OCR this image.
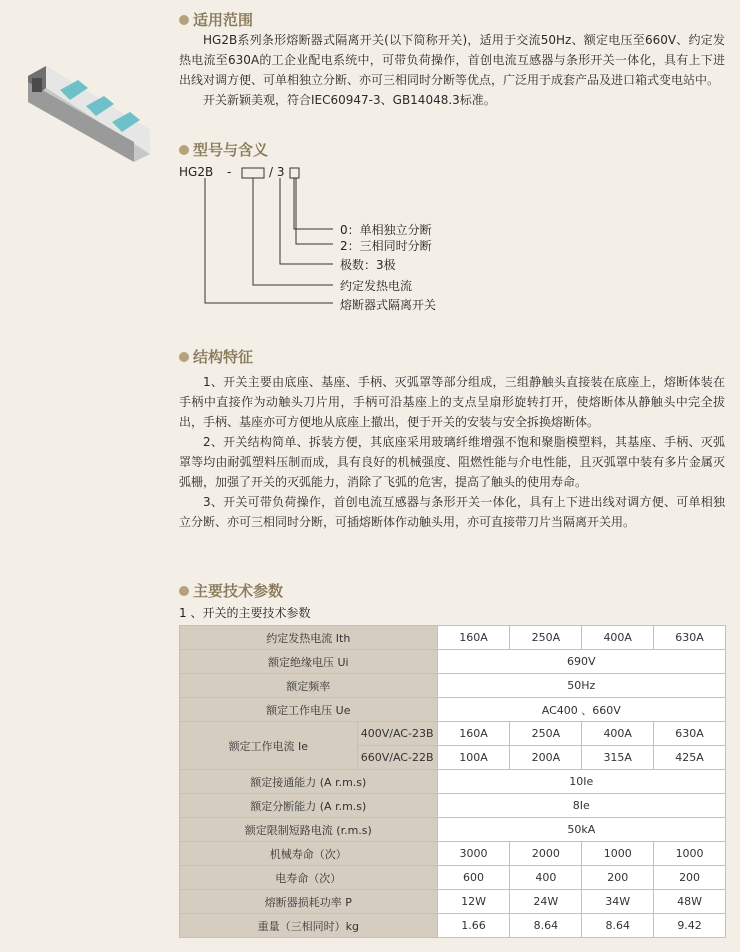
适用范围

HG2B系列条形熔断器式隔离开关(以下简称开关)，适用于交流50Hz、额定电压至660V、约定发热电流至630A的工企业配电系统中，可带负荷操作，首创电流互感器与条形开关一体化，具有上下进出线对调方便、可单相独立分断、亦可三相同时分断等优点，广泛用于成套产品及进口箱式变电站中。

开关新颖美观，符合IEC60947-3、GB14048.3标准。

型号与含义
HG2B -	/ 3
0：单相独立分断
2：三相同时分断
极数：3极
约定发热电流
熔断器式隔离开关
结构特征

1、开关主要由底座、基座、手柄、灭弧罩等部分组成，三组静触头直接装在底座上，熔断体装在手柄中直接作为动触头刀片用，手柄可沿基座上的支点呈扇形旋转打开，使熔断体从静触头中完全拔出，手柄、基座亦可方便地从底座上撤出，便于开关的安装与安全拆换熔断体。

2、开关结构简单、拆装方便，其底座采用玻璃纤维增强不饱和聚脂模塑料，其基座、手柄、灭弧罩等均由耐弧塑料压制而成，具有良好的机械强度、阻燃性能与介电性能，且灭弧罩中装有多片金属灭弧栅，加强了开关的灭弧能力，消除了飞弧的危害，提高了触头的使用寿命。

3、开关可带负荷操作，首创电流互感器与条形开关一体化，具有上下进出线对调方便、可单相独立分断、亦可三相同时分断，可插熔断体作动触头用，亦可直接带刀片当隔离开关用。

主要技术参数
1 、开关的主要技术参数
约定发热电流 Ith		160A	250A	400A	630A
额定绝缘电压 Ui		690V			
额定频率		50Hz			
额定工作电压 Ue		AC400 、660V			
额定工作电流 Ie	400V/AC-23B	160A	250A	400A	630A
	660V/AC-22B	100A	200A	315A	425A
额定接通能力 (A r.m.s)		10Ie			
额定分断能力 (A r.m.s)		8Ie			
额定限制短路电流 (r.m.s)		50kA			
机械寿命（次）		3000	2000	1000	1000
电寿命（次）		600	400	200	200
熔断器损耗功率 P		12W	24W	34W	48W
重量（三相同时）kg		1.66	8.64	8.64	9.42
